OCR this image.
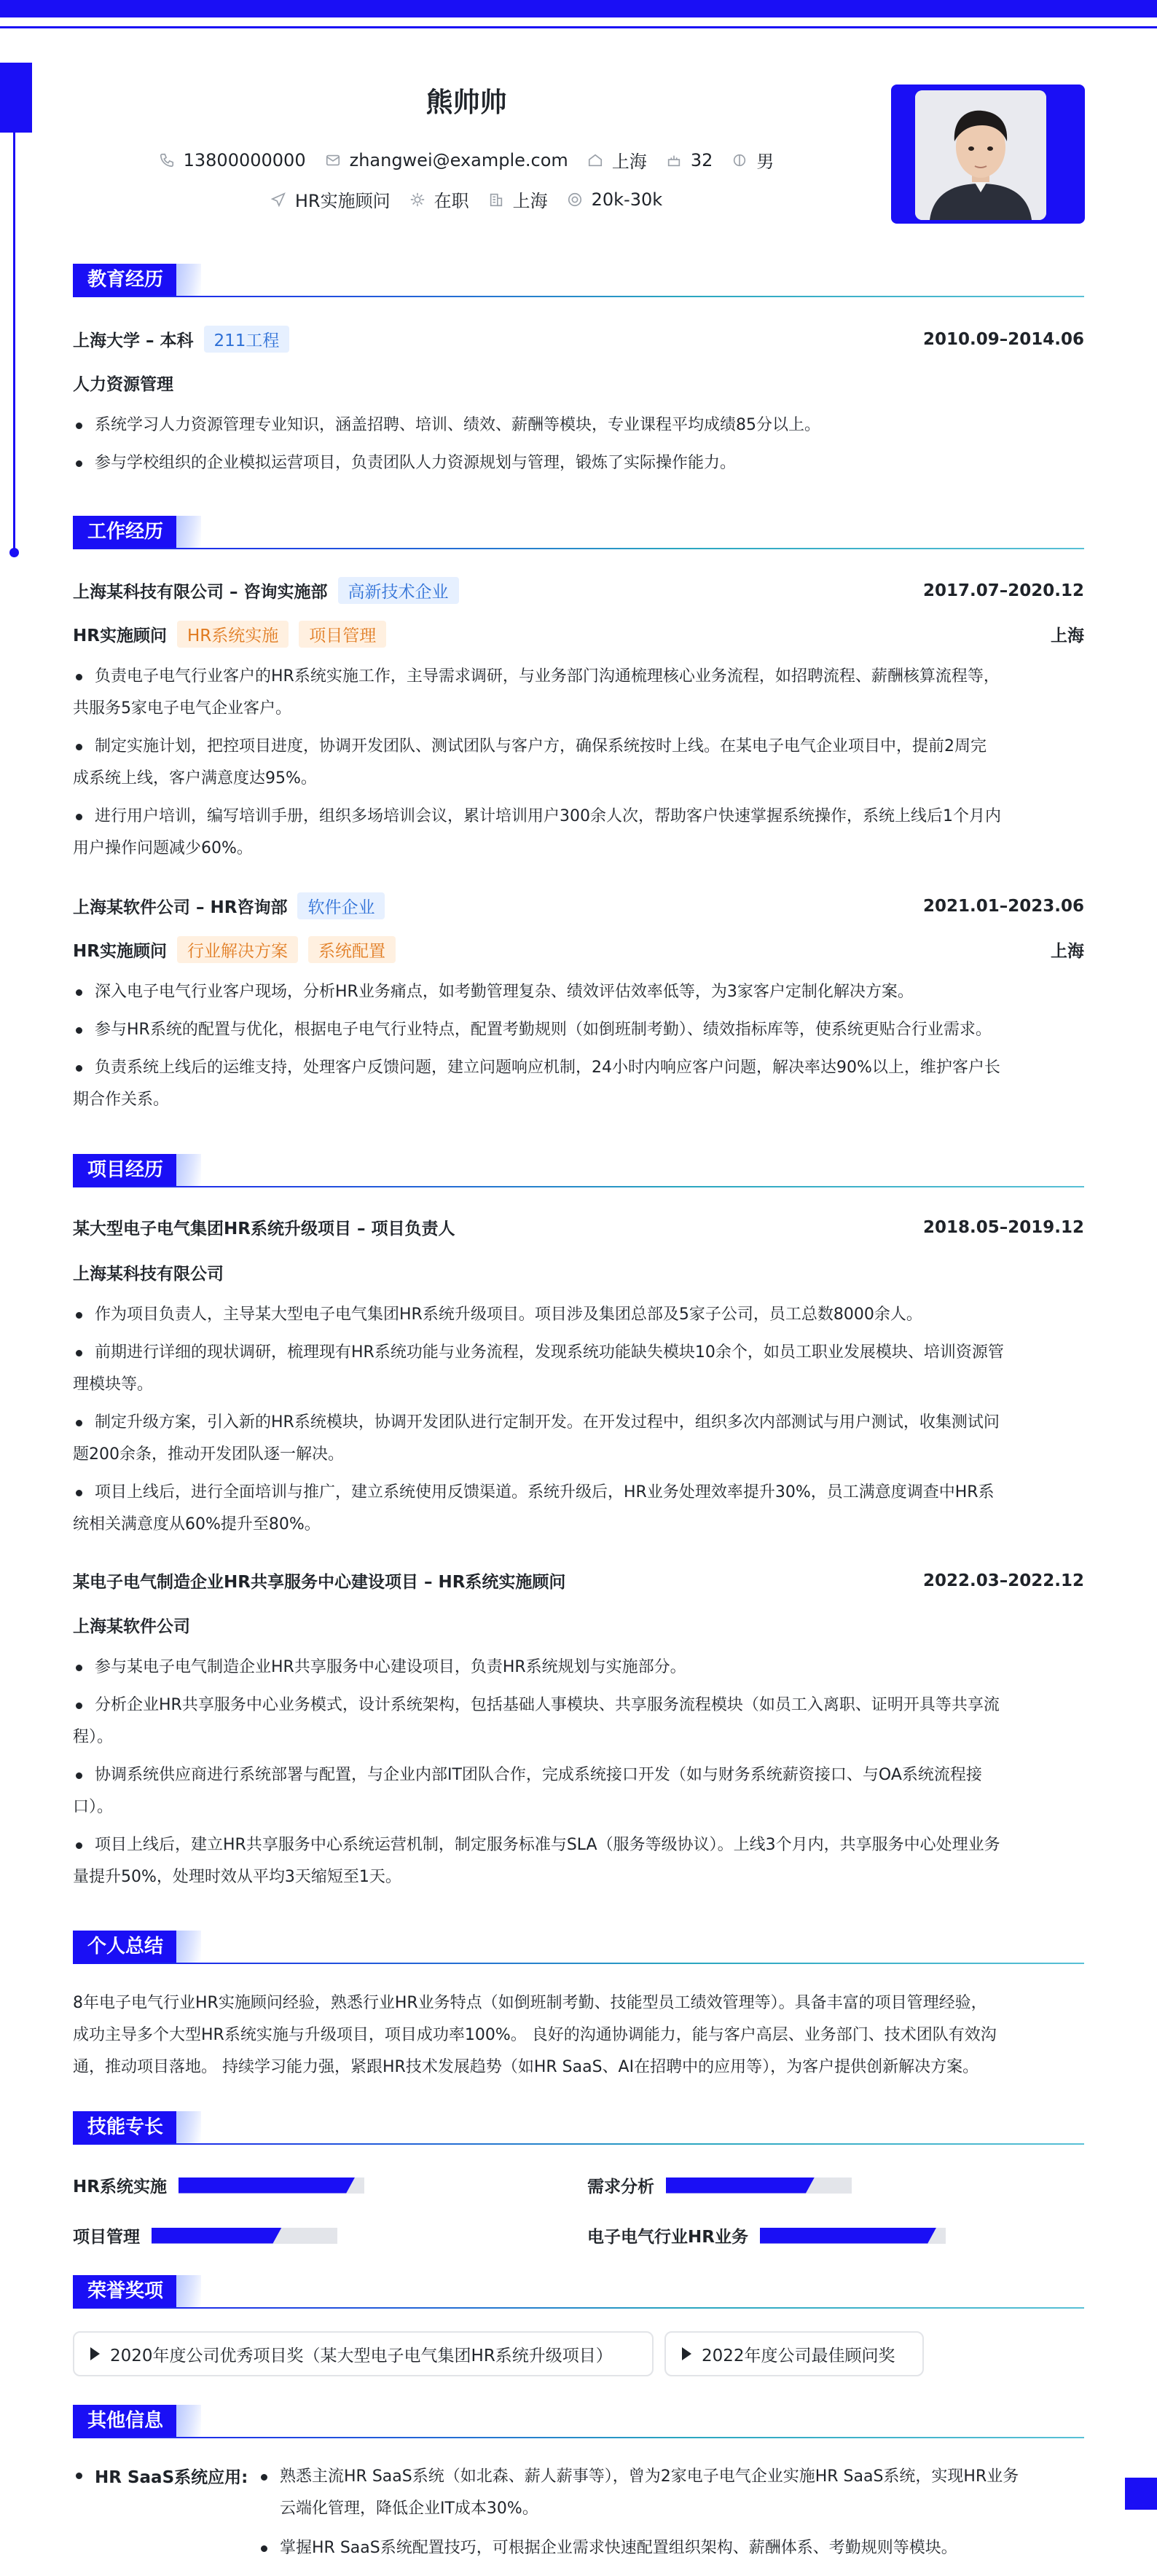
熊帅帅
13800000000	zhangwei@example.com	上海	32	男
HR实施顾问	在职	上海	20k-30k
教育经历
上海大学 – 本科	211工程	2010.09–2014.06
人力资源管理
系统学习人力资源管理专业知识，涵盖招聘、培训、绩效、薪酬等模块，专业课程平均成绩85分以上。
参与学校组织的企业模拟运营项目，负责团队人力资源规划与管理，锻炼了实际操作能力。
工作经历
上海某科技有限公司 – 咨询实施部	高新技术企业	2017.07–2020.12
HR实施顾问	HR系统实施	项目管理	上海
负责电子电气行业客户的HR系统实施工作，主导需求调研，与业务部门沟通梳理核心业务流程，如招聘流程、薪酬核算流程等，
共服务5家电子电气企业客户。
制定实施计划，把控项目进度，协调开发团队、测试团队与客户方，确保系统按时上线。在某电子电气企业项目中，提前2周完
成系统上线，客户满意度达95%。
进行用户培训，编写培训手册，组织多场培训会议，累计培训用户300余人次，帮助客户快速掌握系统操作，系统上线后1个月内
用户操作问题减少60%。
上海某软件公司 – HR咨询部	软件企业	2021.01–2023.06
HR实施顾问	行业解决方案	系统配置	上海
深入电子电气行业客户现场，分析HR业务痛点，如考勤管理复杂、绩效评估效率低等，为3家客户定制化解决方案。
参与HR系统的配置与优化，根据电子电气行业特点，配置考勤规则（如倒班制考勤）、绩效指标库等，使系统更贴合行业需求。
负责系统上线后的运维支持，处理客户反馈问题，建立问题响应机制，24小时内响应客户问题，解决率达90%以上，维护客户长
期合作关系。
项目经历
某大型电子电气集团HR系统升级项目 – 项目负责人	2018.05–2019.12
上海某科技有限公司
作为项目负责人，主导某大型电子电气集团HR系统升级项目。项目涉及集团总部及5家子公司，员工总数8000余人。
前期进行详细的现状调研，梳理现有HR系统功能与业务流程，发现系统功能缺失模块10余个，如员工职业发展模块、培训资源管
理模块等。
制定升级方案，引入新的HR系统模块，协调开发团队进行定制开发。在开发过程中，组织多次内部测试与用户测试，收集测试问
题200余条，推动开发团队逐一解决。
项目上线后，进行全面培训与推广，建立系统使用反馈渠道。系统升级后，HR业务处理效率提升30%，员工满意度调查中HR系
统相关满意度从60%提升至80%。
某电子电气制造企业HR共享服务中心建设项目 – HR系统实施顾问	2022.03–2022.12
上海某软件公司
参与某电子电气制造企业HR共享服务中心建设项目，负责HR系统规划与实施部分。
分析企业HR共享服务中心业务模式，设计系统架构，包括基础人事模块、共享服务流程模块（如员工入离职、证明开具等共享流
程）。
协调系统供应商进行系统部署与配置，与企业内部IT团队合作，完成系统接口开发（如与财务系统薪资接口、与OA系统流程接
口）。
项目上线后，建立HR共享服务中心系统运营机制，制定服务标准与SLA（服务等级协议）。上线3个月内，共享服务中心处理业务
量提升50%，处理时效从平均3天缩短至1天。
个人总结
8年电子电气行业HR实施顾问经验，熟悉行业HR业务特点（如倒班制考勤、技能型员工绩效管理等）。具备丰富的项目管理经验，
成功主导多个大型HR系统实施与升级项目，项目成功率100%。 良好的沟通协调能力，能与客户高层、业务部门、技术团队有效沟
通，推动项目落地。 持续学习能力强，紧跟HR技术发展趋势（如HR SaaS、AI在招聘中的应用等），为客户提供创新解决方案。
技能专长
HR系统实施	需求分析
项目管理	电子电气行业HR业务
荣誉奖项
2020年度公司优秀项目奖（某大型电子电气集团HR系统升级项目）	2022年度公司最佳顾问奖
其他信息
HR SaaS系统应用:	熟悉主流HR SaaS系统（如北森、薪人薪事等），曾为2家电子电气企业实施HR SaaS系统，实现HR业务
云端化管理，降低企业IT成本30%。
掌握HR SaaS系统配置技巧，可根据企业需求快速配置组织架构、薪酬体系、考勤规则等模块。
